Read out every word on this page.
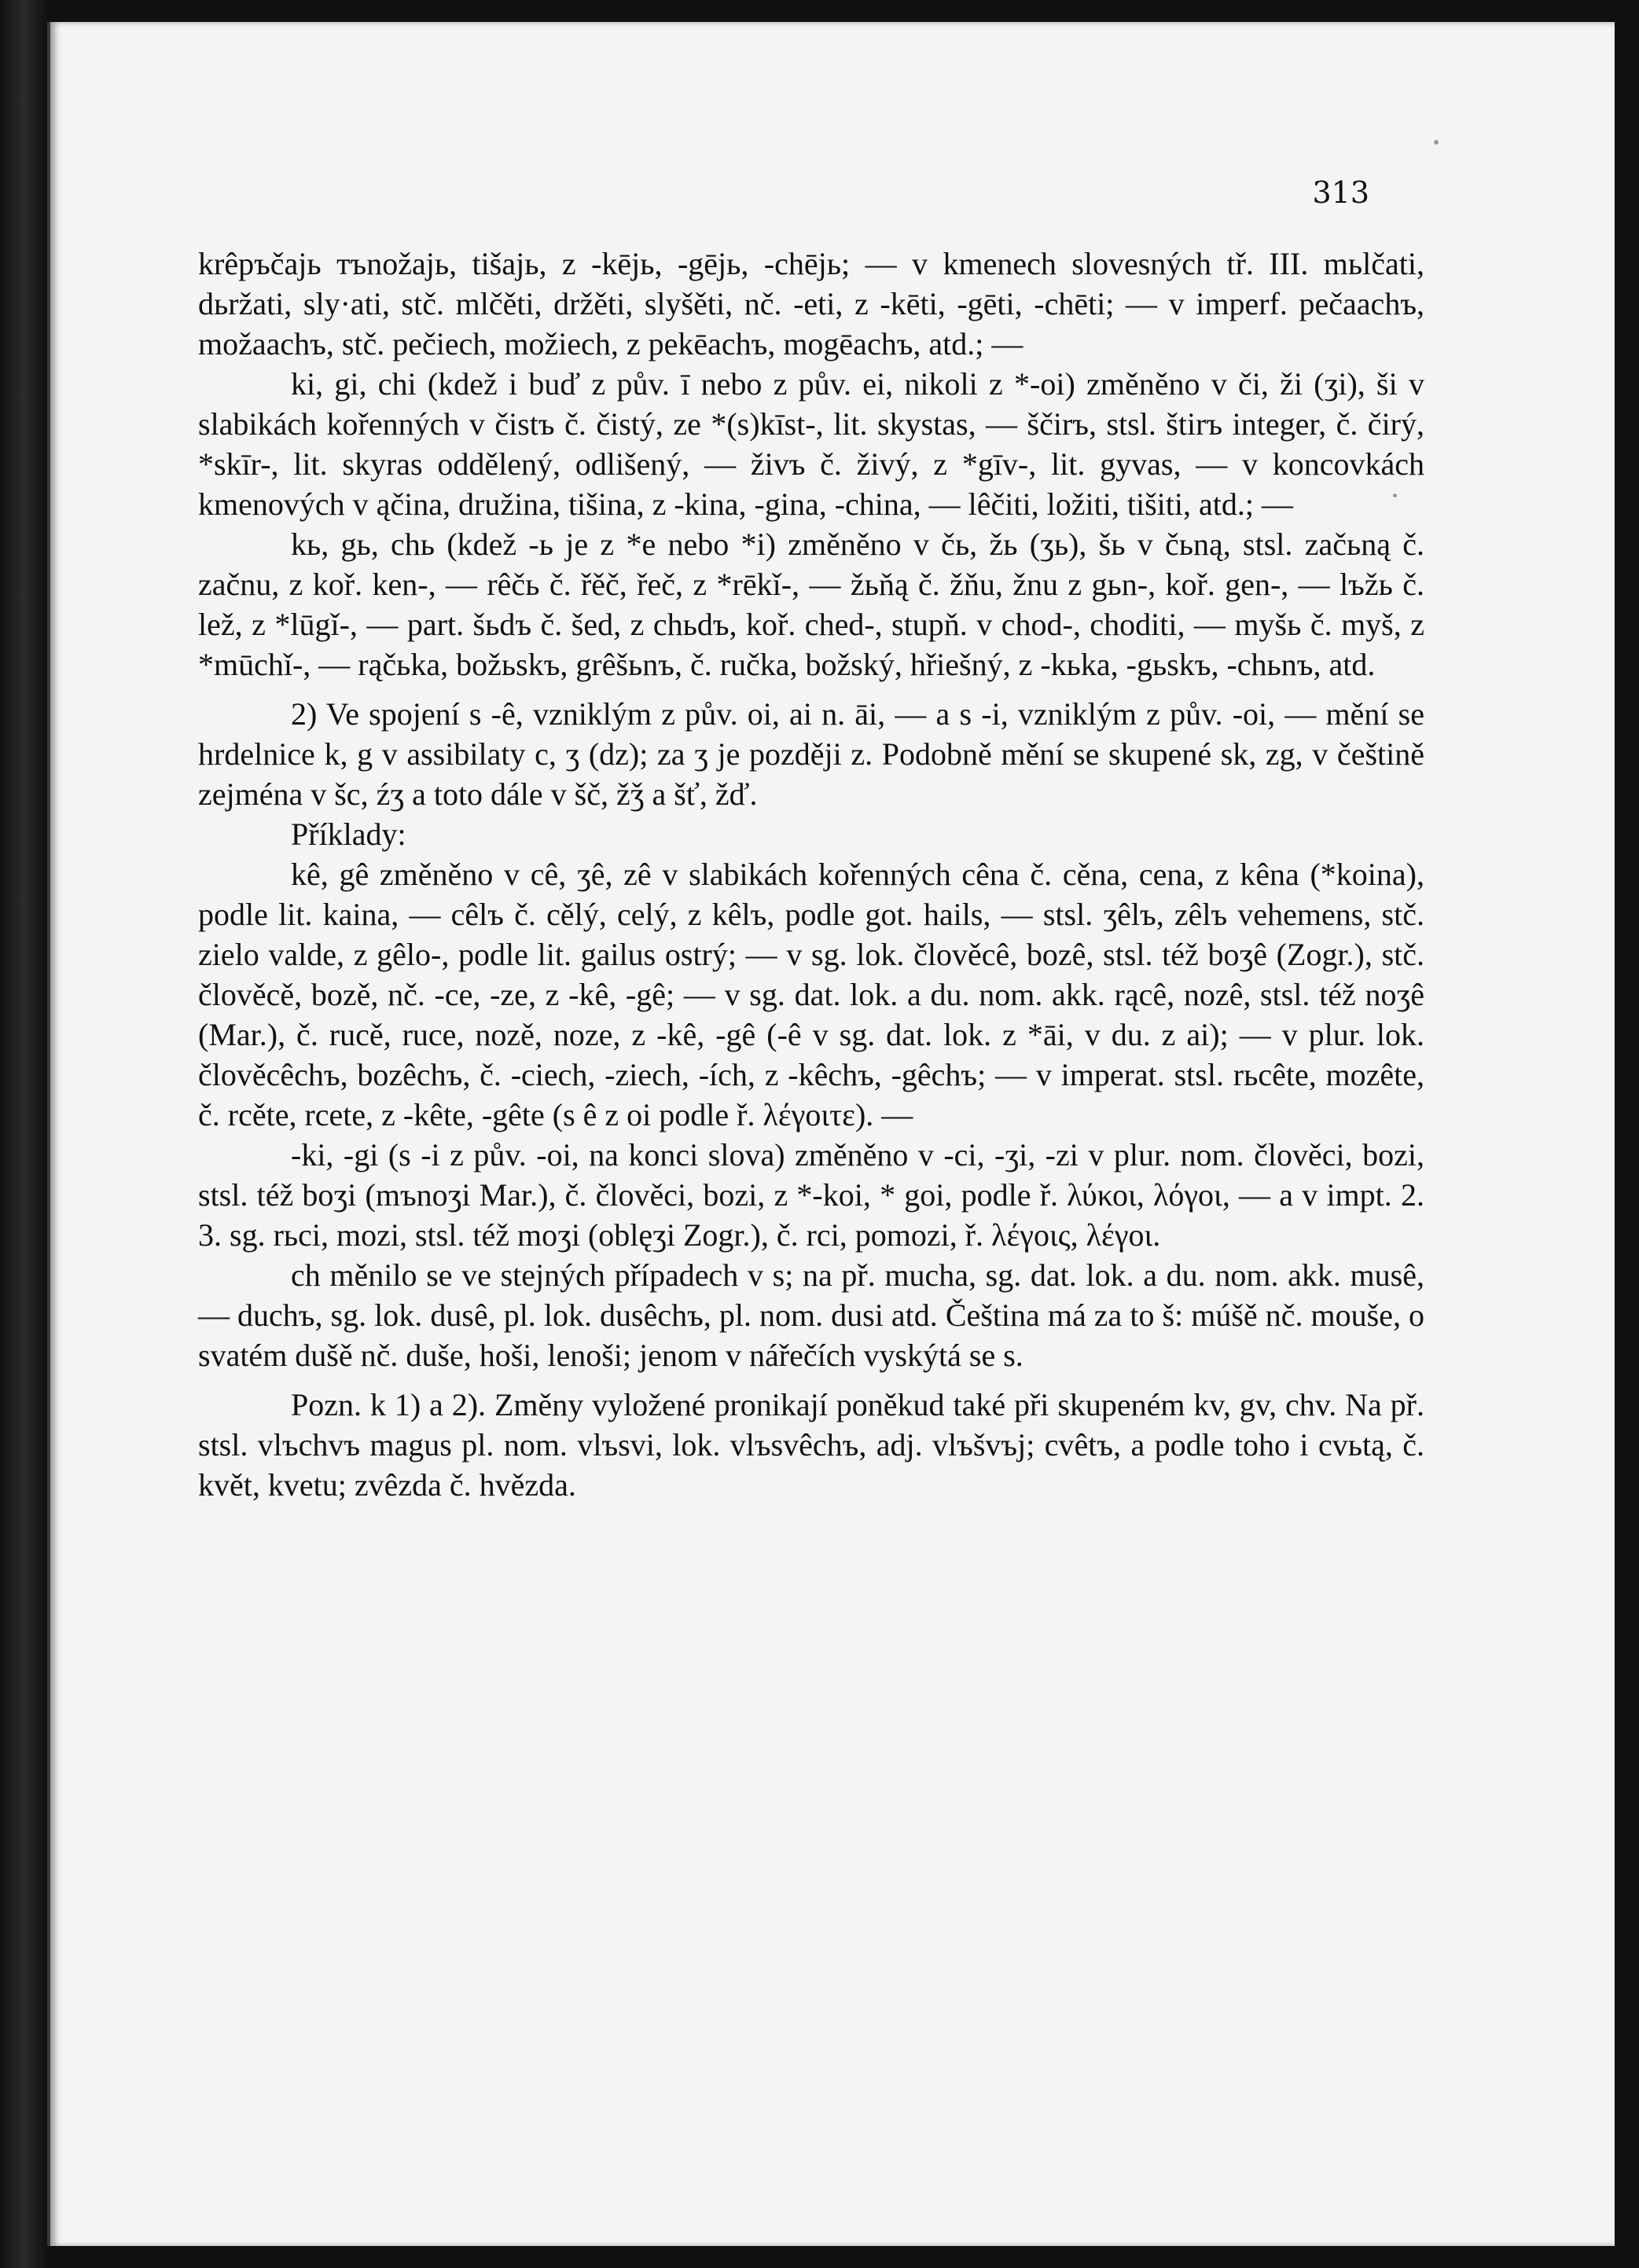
313

krêръčajь тъnožajь, tišajь, z -kējь, -gējь, -chējь; — v kmenech slovesných tř. III. mьlčati, dьržati, sly·ati, stč. mlčěti, držěti, slyšěti, nč. -eti, z -kēti, -gēti, -chēti; — v imperf. pečaachъ, možaachъ, stč. pečiech, možiech, z pekēachъ, mogēachъ, atd.; —

ki, gi, chi (kdež i buď z pův. ī nebo z pův. ei, nikoli z *-oi) změněno v či, ži (ʒi), ši v slabikách kořenných v čistъ č. čistý, ze *(s)kīst-, lit. skystas, — ščirъ, stsl. štirъ integer, č. čirý, *skīr-, lit. skyras oddělený, odlišený, — živъ č. živý, z *gīv-, lit. gyvas, — v koncovkách kmenových v ąčina, družina, tišina, z -kina, -gina, -china, — lêčiti, ložiti, tišiti, atd.; —

kь, gь, chь (kdež -ь je z *e nebo *i) změněno v čь, žь (ʒь), šь v čьną, stsl. začьną č. začnu, z koř. ken-, — rêčь č. řěč, řeč, z *rēkǐ-, — žьňą č. žňu, žnu z gьn-, koř. gen-, — lъžь č. lež, z *lūgǐ-, — part. šьdъ č. šed, z chьdъ, koř. ched-, stupň. v chod-, choditi, — myšь č. myš, z *mūchǐ-, — rąčьka, božьskъ, grêšьnъ, č. ručka, božský, hřiešný, z -kьka, -gьskъ, -chьnъ, atd.

2) Ve spojení s -ê, vzniklým z pův. oi, ai n. āi, — a s -i, vzniklým z pův. -oi, — mění se hrdelnice k, g v assibilaty c, ʒ (dz); za ʒ je později z. Podobně mění se skupené sk, zg, v češtině zejména v šc, źʒ a toto dále v šč, žǯ a šť, žď.

Příklady:

kê, gê změněno v cê, ʒê, zê v slabikách kořenných cêna č. cěna, cena, z kêna (*koina), podle lit. kaina, — cêlъ č. cělý, celý, z kêlъ, podle got. hails, — stsl. ʒêlъ, zêlъ vehemens, stč. zielo valde, z gêlo-, podle lit. gailus ostrý; — v sg. lok. člověcê, bozê, stsl. též boʒê (Zogr.), stč. člověcě, bozě, nč. -ce, -ze, z -kê, -gê; — v sg. dat. lok. a du. nom. akk. rącê, nozê, stsl. též noʒê (Mar.), č. rucě, ruce, nozě, noze, z -kê, -gê (-ê v sg. dat. lok. z *āi, v du. z ai); — v plur. lok. člověcêchъ, bozêchъ, č. -ciech, -ziech, -ích, z -kêchъ, -gêchъ; — v imperat. stsl. rьcête, mozête, č. rcěte, rcete, z -kête, -gête (s ê z oi podle ř. λέγοιτε). —

-ki, -gi (s -i z pův. -oi, na konci slova) změněno v -ci, -ʒi, -zi v plur. nom. člověci, bozi, stsl. též boʒi (mъnoʒi Mar.), č. člověci, bozi, z *-koi, * goi, podle ř. λύκοι, λόγοι, — a v impt. 2. 3. sg. rьci, mozi, stsl. též moʒi (oblęʒi Zogr.), č. rci, pomozi, ř. λέγοις, λέγοι.

ch měnilo se ve stejných případech v s; na př. mucha, sg. dat. lok. a du. nom. akk. musê, — duchъ, sg. lok. dusê, pl. lok. dusêchъ, pl. nom. dusi atd. Čeština má za to š: múšě nč. mouše, o svatém dušě nč. duše, hoši, lenoši; jenom v nářečích vyskýtá se s.

Pozn. k 1) a 2). Změny vyložené pronikají poněkud také při skupeném kv, gv, chv. Na př. stsl. vlъchvъ magus pl. nom. vlъsvi, lok. vlъsvêchъ, adj. vlъšvъj; cvêtъ, a podle toho i cvьtą, č. květ, kvetu; zvêzda č. hvězda.
